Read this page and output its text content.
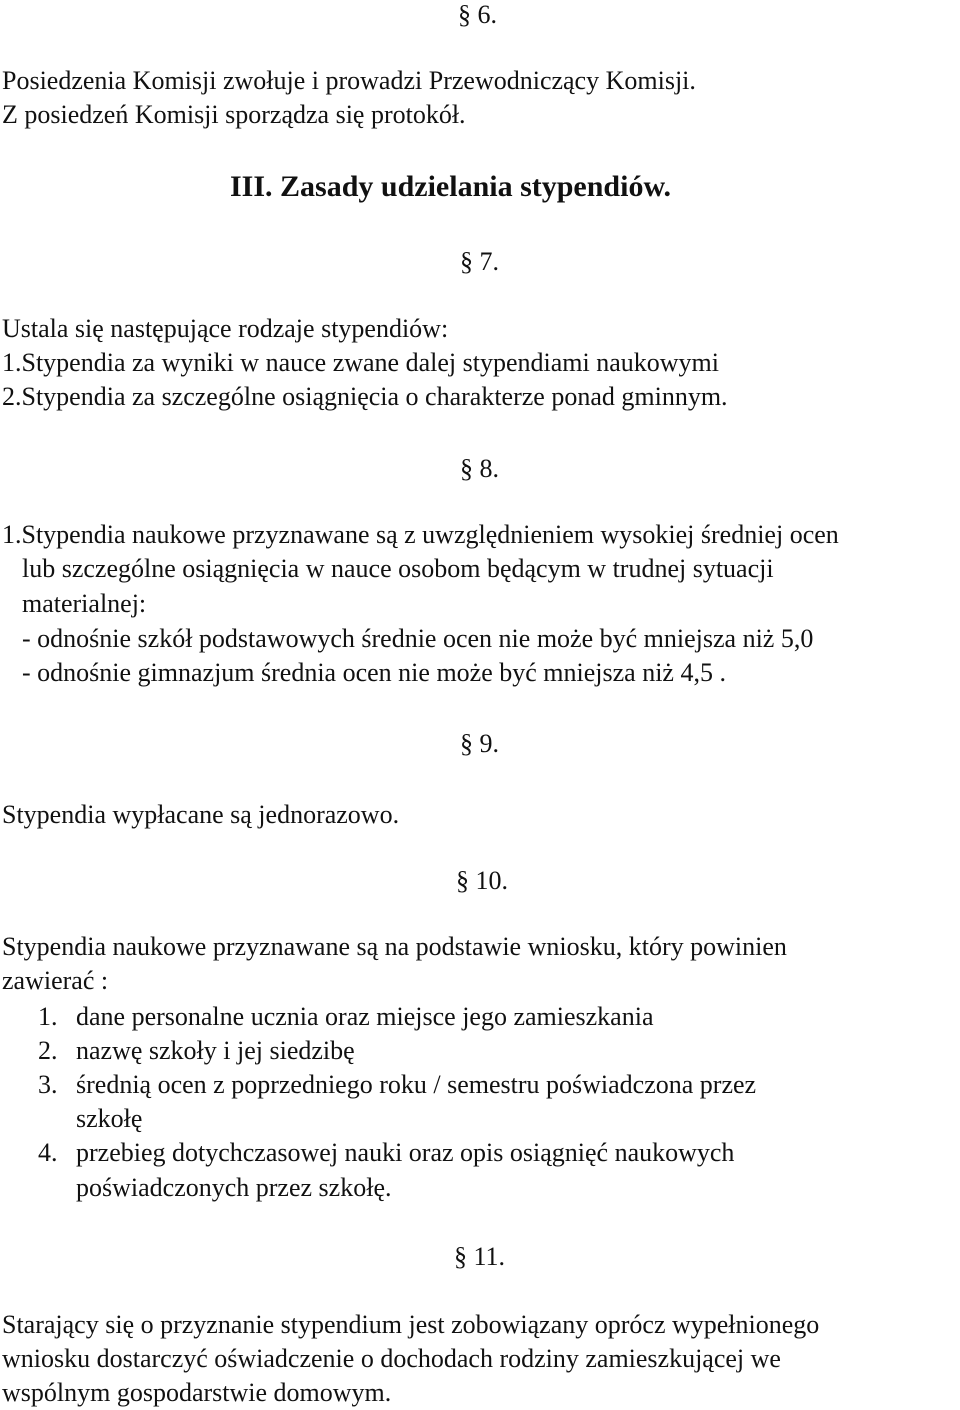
§ 6.
Posiedzenia Komisji zwołuje i prowadzi Przewodniczący Komisji.
Z posiedzeń Komisji sporządza się protokół.
III. Zasady udzielania stypendiów.
§ 7.
Ustala się następujące rodzaje stypendiów:
1.Stypendia za wyniki w nauce zwane dalej stypendiami naukowymi
2.Stypendia za szczególne osiągnięcia o charakterze ponad gminnym.
§ 8.
1.Stypendia naukowe przyznawane są z uwzględnieniem wysokiej średniej ocen
lub szczególne osiągnięcia w nauce osobom będącym w trudnej sytuacji
materialnej:
- odnośnie szkół podstawowych średnie ocen nie może być mniejsza niż 5,0
- odnośnie gimnazjum średnia ocen nie może być mniejsza niż 4,5 .
§ 9.
Stypendia wypłacane są jednorazowo.
§ 10.
Stypendia naukowe przyznawane są na podstawie wniosku, który powinien
zawierać :
1. dane personalne ucznia oraz miejsce jego zamieszkania
2. nazwę szkoły i jej siedzibę
3. średnią ocen z poprzedniego roku / semestru poświadczona przez
szkołę
4. przebieg dotychczasowej nauki oraz opis osiągnięć naukowych
poświadczonych przez szkołę.
§ 11.
Starający się o przyznanie stypendium jest zobowiązany oprócz wypełnionego
wniosku dostarczyć oświadczenie o dochodach rodziny zamieszkującej we
wspólnym gospodarstwie domowym.
